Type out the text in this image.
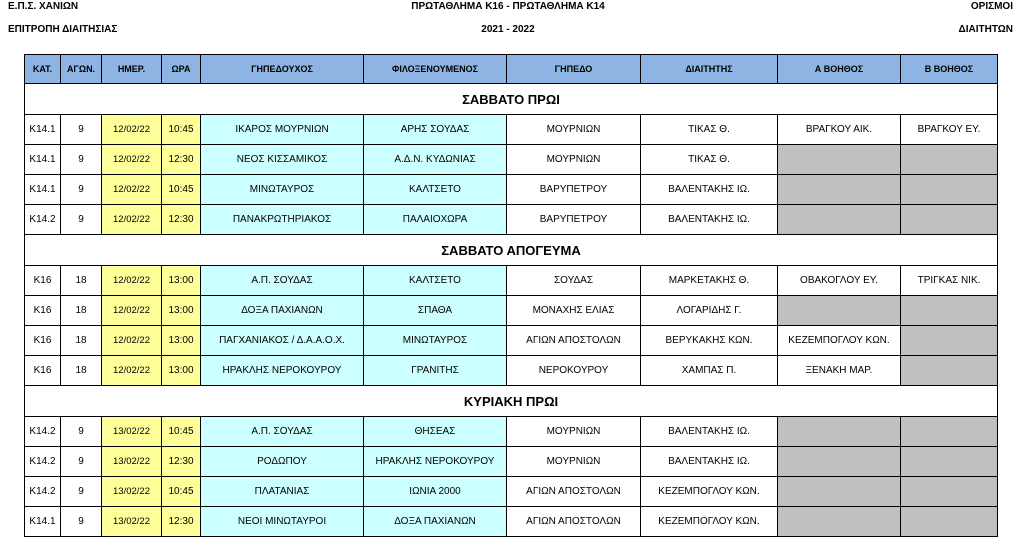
Ε.Π.Σ. ΧΑΝΙΩΝ
ΕΠΙΤΡΟΠΗ ΔΙΑΙΤΗΣΙΑΣ
ΠΡΩΤΑΘΛΗΜΑ Κ16 - ΠΡΩΤΑΘΛΗΜΑ Κ14
2021 - 2022
ΟΡΙΣΜΟΙ
ΔΙΑΙΤΗΤΩΝ
ΚΑΤ.	ΑΓΩΝ.	ΗΜΕΡ.	ΩΡΑ	ΓΗΠΕΔΟΥΧΟΣ	ΦΙΛΟΞΕΝΟΥΜΕΝΟΣ	ΓΗΠΕΔΟ	ΔΙΑΙΤΗΤΗΣ	Α ΒΟΗΘΟΣ	Β ΒΟΗΘΟΣ
ΣΑΒΒΑΤΟ ΠΡΩΙ									
Κ14.1	9	12/02/22	10:45	ΙΚΑΡΟΣ ΜΟΥΡΝΙΩΝ	ΑΡΗΣ ΣΟΥΔΑΣ	ΜΟΥΡΝΙΩΝ	ΤΙΚΑΣ Θ.	ΒΡΑΓΚΟΥ ΑΙΚ.	ΒΡΑΓΚΟΥ ΕΥ.
Κ14.1	9	12/02/22	12:30	ΝΕΟΣ ΚΙΣΣΑΜΙΚΟΣ	Α.Δ.Ν. ΚΥΔΩΝΙΑΣ	ΜΟΥΡΝΙΩΝ	ΤΙΚΑΣ Θ.		
Κ14.1	9	12/02/22	10:45	ΜΙΝΩΤΑΥΡΟΣ	ΚΑΛΤΣΕΤΟ	ΒΑΡΥΠΕΤΡΟΥ	ΒΑΛΕΝΤΑΚΗΣ ΙΩ.		
Κ14.2	9	12/02/22	12:30	ΠΑΝΑΚΡΩΤΗΡΙΑΚΟΣ	ΠΑΛΑΙΟΧΩΡΑ	ΒΑΡΥΠΕΤΡΟΥ	ΒΑΛΕΝΤΑΚΗΣ ΙΩ.		
ΣΑΒΒΑΤΟ ΑΠΟΓΕΥΜΑ									
Κ16	18	12/02/22	13:00	Α.Π. ΣΟΥΔΑΣ	ΚΑΛΤΣΕΤΟ	ΣΟΥΔΑΣ	ΜΑΡΚΕΤΑΚΗΣ Θ.	ΟΒΑΚΟΓΛΟΥ ΕΥ.	ΤΡΙΓΚΑΣ ΝΙΚ.
Κ16	18	12/02/22	13:00	ΔΟΞΑ ΠΑΧΙΑΝΩΝ	ΣΠΑΘΑ	ΜΟΝΑΧΗΣ ΕΛΙΑΣ	ΛΟΓΑΡΙΔΗΣ Γ.		
Κ16	18	12/02/22	13:00	ΠΑΓΧΑΝΙΑΚΟΣ / Δ.Α.Α.Ο.Χ.	ΜΙΝΩΤΑΥΡΟΣ	ΑΓΙΩΝ ΑΠΟΣΤΟΛΩΝ	ΒΕΡΥΚΑΚΗΣ ΚΩΝ.	ΚΕΖΕΜΠΟΓΛΟΥ ΚΩΝ.	
Κ16	18	12/02/22	13:00	ΗΡΑΚΛΗΣ ΝΕΡΟΚΟΥΡΟΥ	ΓΡΑΝΙΤΗΣ	ΝΕΡΟΚΟΥΡΟΥ	ΧΑΜΠΑΣ Π.	ΞΕΝΑΚΗ ΜΑΡ.	
ΚΥΡΙΑΚΗ ΠΡΩΙ									
Κ14.2	9	13/02/22	10:45	Α.Π. ΣΟΥΔΑΣ	ΘΗΣΕΑΣ	ΜΟΥΡΝΙΩΝ	ΒΑΛΕΝΤΑΚΗΣ ΙΩ.		
Κ14.2	9	13/02/22	12:30	ΡΟΔΩΠΟΥ	ΗΡΑΚΛΗΣ ΝΕΡΟΚΟΥΡΟΥ	ΜΟΥΡΝΙΩΝ	ΒΑΛΕΝΤΑΚΗΣ ΙΩ.		
Κ14.2	9	13/02/22	10:45	ΠΛΑΤΑΝΙΑΣ	ΙΩΝΙΑ 2000	ΑΓΙΩΝ ΑΠΟΣΤΟΛΩΝ	ΚΕΖΕΜΠΟΓΛΟΥ ΚΩΝ.		
Κ14.1	9	13/02/22	12:30	ΝΕΟΙ ΜΙΝΩΤΑΥΡΟΙ	ΔΟΞΑ ΠΑΧΙΑΝΩΝ	ΑΓΙΩΝ ΑΠΟΣΤΟΛΩΝ	ΚΕΖΕΜΠΟΓΛΟΥ ΚΩΝ.		
